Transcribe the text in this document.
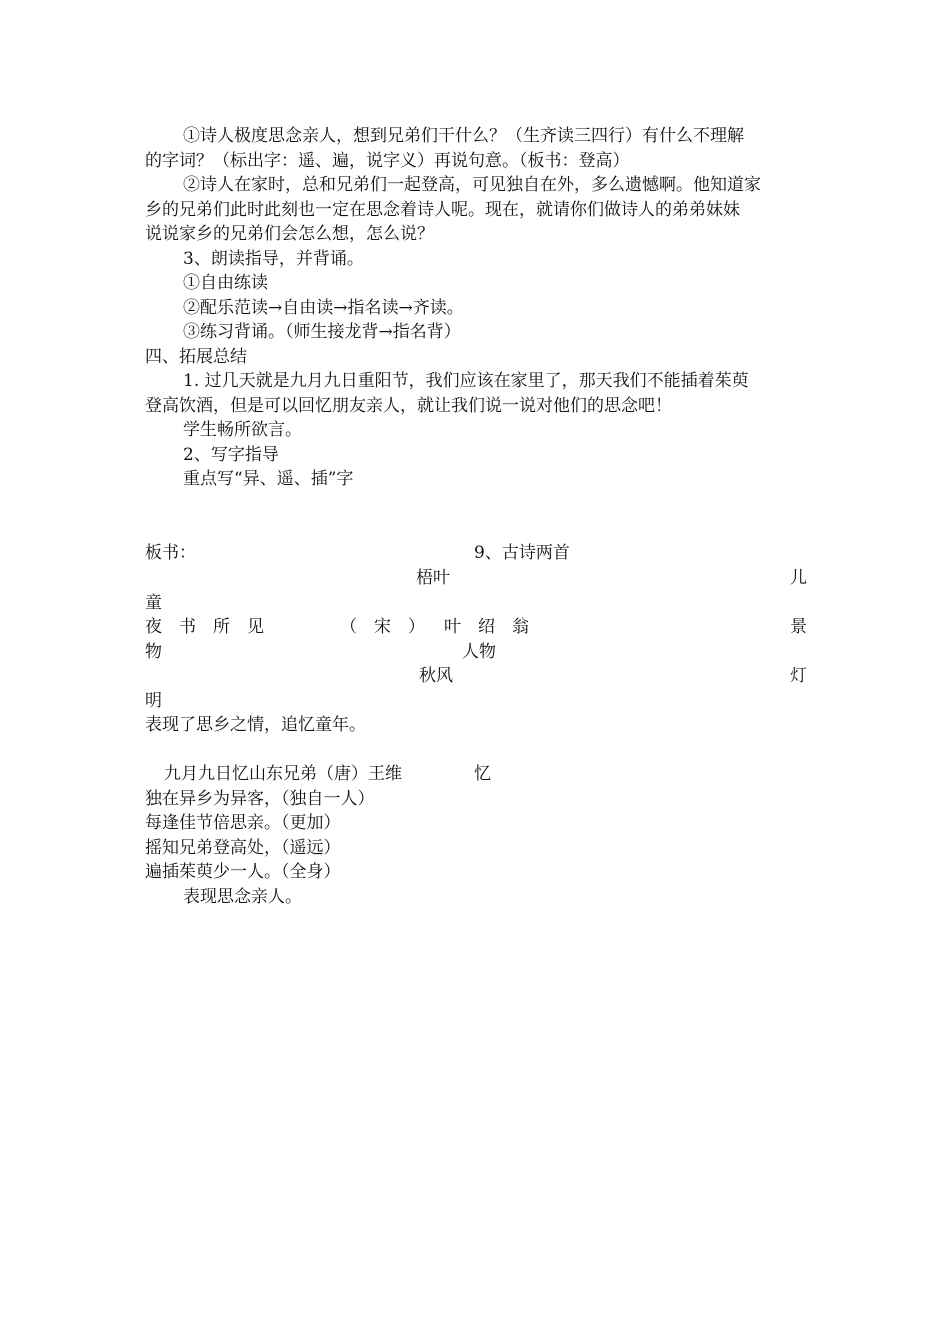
①诗人极度思念亲人，想到兄弟们干什么？（生齐读三四行）有什么不理解
的字词？（标出字：遥、遍，说字义）再说句意。（板书：登高）
②诗人在家时，总和兄弟们一起登高，可见独自在外，多么遗憾啊。他知道家
乡的兄弟们此时此刻也一定在思念着诗人呢。现在，就请你们做诗人的弟弟妹妹
说说家乡的兄弟们会怎么想，怎么说？
3、朗读指导，并背诵。
①自由练读
②配乐范读→自由读→指名读→齐读。
③练习背诵。（师生接龙背→指名背）
四、拓展总结
1. 过几天就是九月九日重阳节，我们应该在家里了，那天我们不能插着茱萸
登高饮酒，但是可以回忆朋友亲人，就让我们说一说对他们的思念吧！
学生畅所欲言。
2、写字指导
重点写“异、遥、插”字
板书：	9、古诗两首
梧叶	儿
童
夜　书　所　见	（　宋　） 叶　绍　翁	景
物	人物
秋风	灯
明
表现了思乡之情，追忆童年。
九月九日忆山东兄弟（唐）王维	忆
独在异乡为异客，（独自一人）
每逢佳节倍思亲。（更加）
摇知兄弟登高处，（遥远）
遍插茱萸少一人。（全身）
表现思念亲人。
